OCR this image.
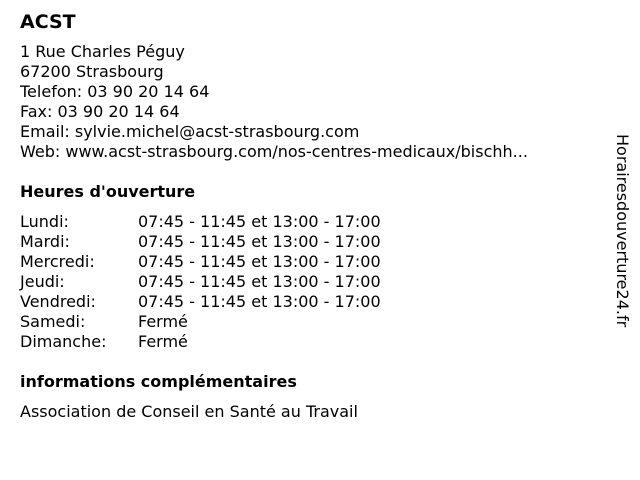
ACST
1 Rue Charles Péguy
67200 Strasbourg
Telefon: 03 90 20 14 64
Fax: 03 90 20 14 64
Email: sylvie.michel@acst-strasbourg.com
Web: www.acst-strasbourg.com/nos-centres-medicaux/bischh...
Heures d'ouverture
Lundi:	07:45 - 11:45 et 13:00 - 17:00
Mardi:	07:45 - 11:45 et 13:00 - 17:00
Mercredi:	07:45 - 11:45 et 13:00 - 17:00
Jeudi:	07:45 - 11:45 et 13:00 - 17:00
Vendredi:	07:45 - 11:45 et 13:00 - 17:00
Samedi:	Fermé
Dimanche:	Fermé
informations complémentaires
Association de Conseil en Santé au Travail
Horairesdouverture24.fr
